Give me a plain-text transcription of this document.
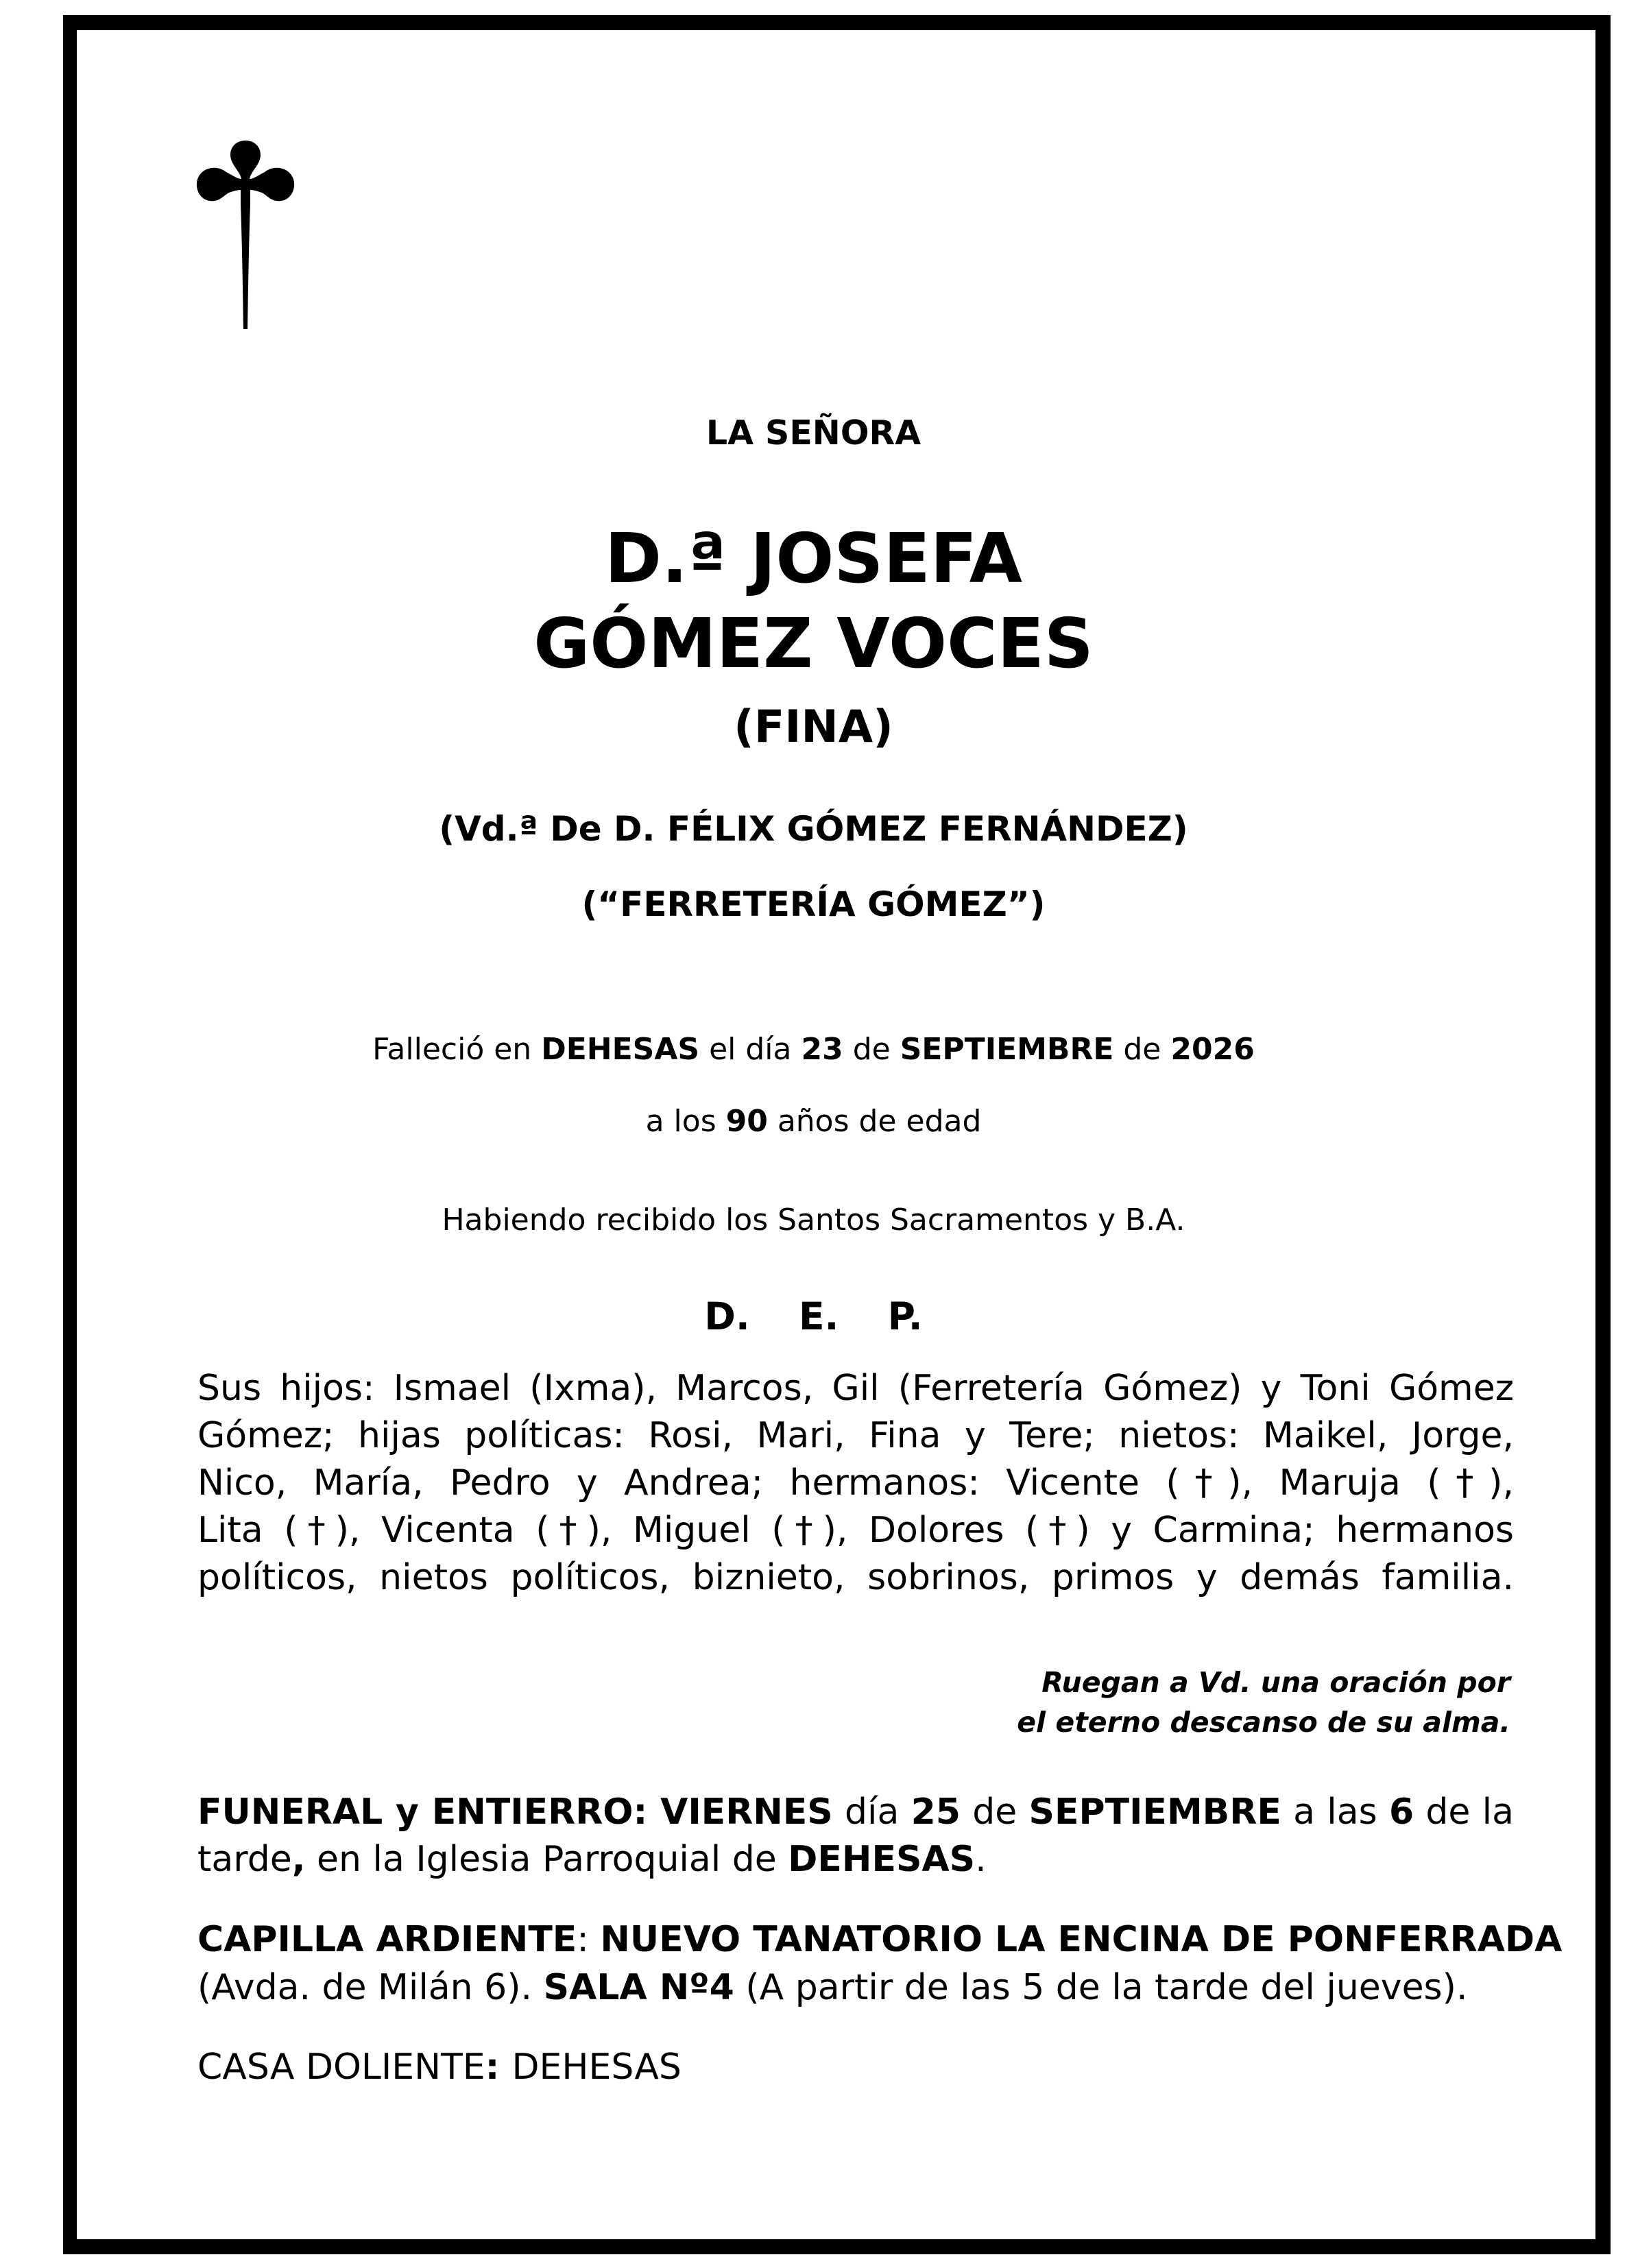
LA SEÑORA
D.ª JOSEFA
GÓMEZ VOCES
(FINA)
(Vd.ª De D. FÉLIX GÓMEZ FERNÁNDEZ)
(“FERRETERÍA GÓMEZ”)
Falleció en DEHESAS el día 23 de SEPTIEMBRE de 2026
a los 90 años de edad
Habiendo recibido los Santos Sacramentos y B.A.
D. E. P.
Sus hijos: Ismael (Ixma), Marcos, Gil (Ferretería Gómez) y Toni Gómez
Gómez; hijas políticas: Rosi, Mari, Fina y Tere; nietos: Maikel, Jorge,
Nico, María, Pedro y Andrea; hermanos: Vicente (†), Maruja (†),
Lita (†), Vicenta (†), Miguel (†), Dolores (†) y Carmina; hermanos
políticos, nietos políticos, biznieto, sobrinos, primos y demás familia.
Ruegan a Vd. una oración por
el eterno descanso de su alma.
FUNERAL y ENTIERRO: VIERNES día 25 de SEPTIEMBRE a las 6 de la
tarde, en la Iglesia Parroquial de DEHESAS.
CAPILLA ARDIENTE: NUEVO TANATORIO LA ENCINA DE PONFERRADA
(Avda. de Milán 6). SALA Nº4 (A partir de las 5 de la tarde del jueves).
CASA DOLIENTE: DEHESAS
